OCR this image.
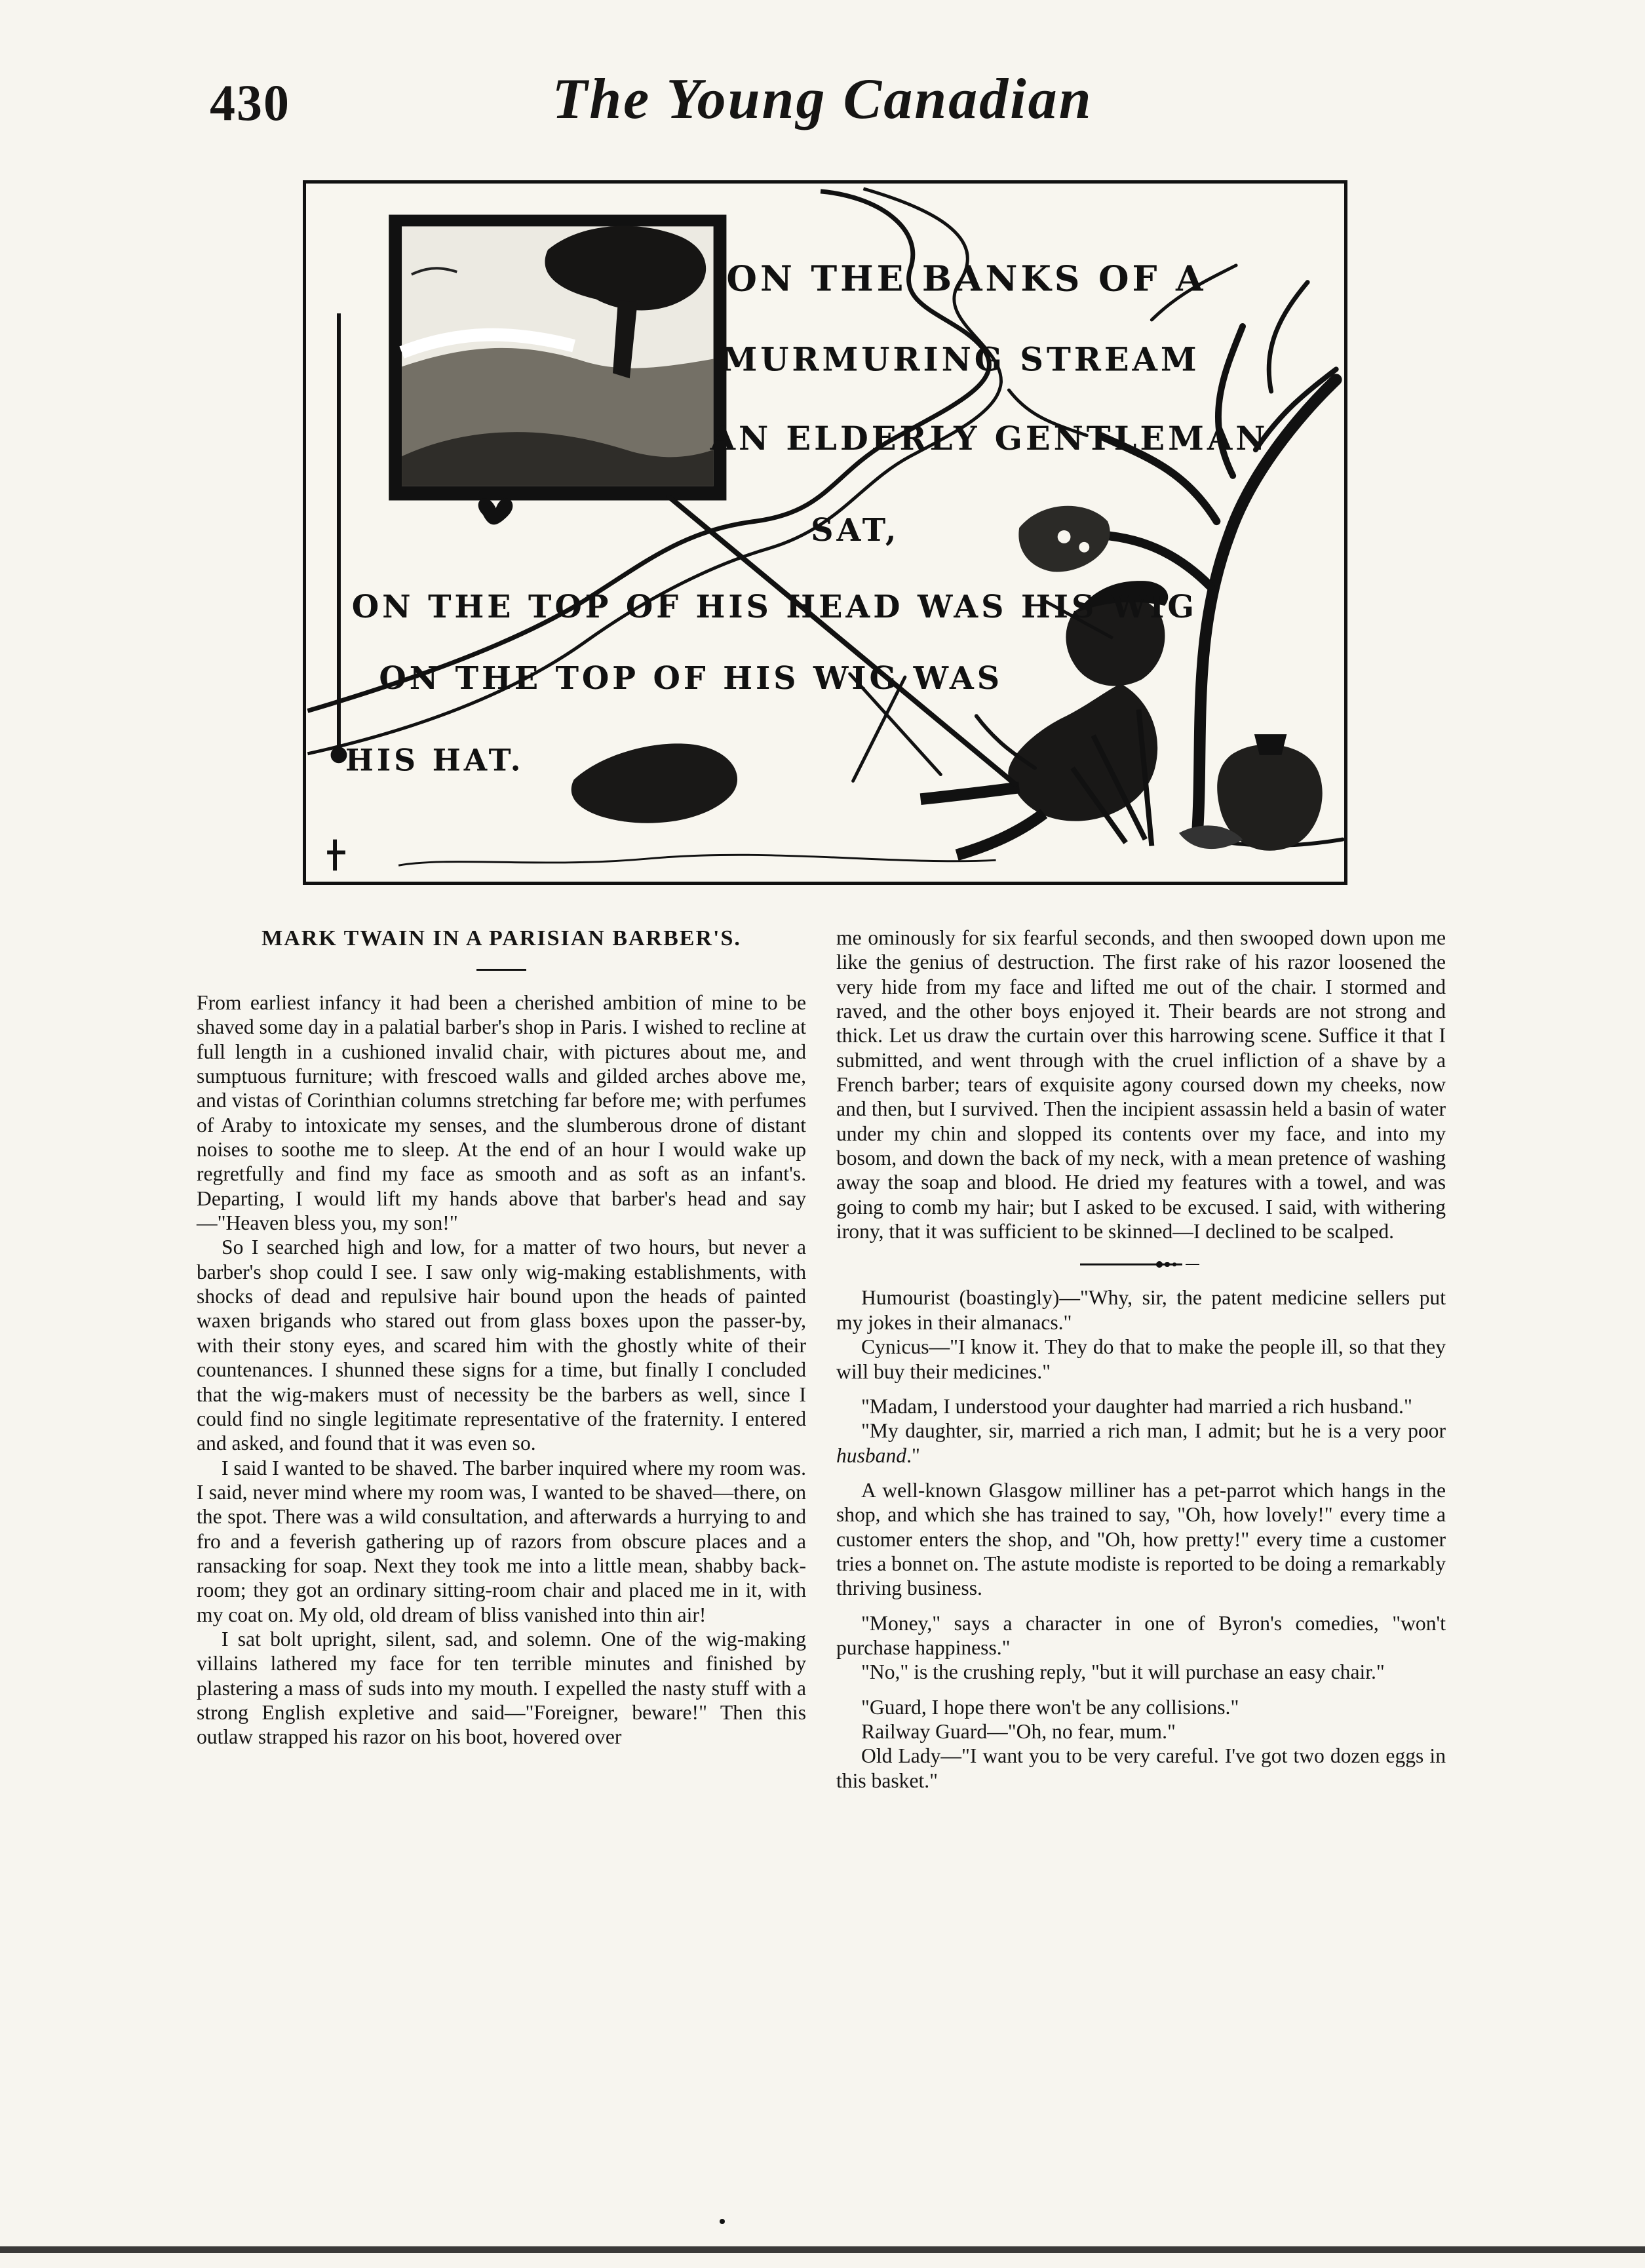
430	The Young Canadian
ON THE BANKS OF A
MURMURING STREAM
AN ELDERLY GENTLEMAN
SAT,
ON THE TOP OF HIS HEAD WAS HIS WIG
ON THE TOP OF HIS WIG WAS
HIS HAT.
MARK TWAIN IN A PARISIAN BARBER'S.

From earliest infancy it had been a cherished ambition of mine to be shaved some day in a palatial barber's shop in Paris. I wished to recline at full length in a cushioned invalid chair, with pictures about me, and sumptuous furniture; with frescoed walls and gilded arches above me, and vistas of Corinthian columns stretching far before me; with perfumes of Araby to intoxicate my senses, and the slumberous drone of distant noises to soothe me to sleep. At the end of an hour I would wake up regretfully and find my face as smooth and as soft as an infant's. Departing, I would lift my hands above that barber's head and say—"Heaven bless you, my son!"

So I searched high and low, for a matter of two hours, but never a barber's shop could I see. I saw only wig-making establishments, with shocks of dead and repulsive hair bound upon the heads of painted waxen brigands who stared out from glass boxes upon the passer-by, with their stony eyes, and scared him with the ghostly white of their countenances. I shunned these signs for a time, but finally I concluded that the wig-makers must of necessity be the barbers as well, since I could find no single legitimate representative of the fraternity. I entered and asked, and found that it was even so.

I said I wanted to be shaved. The barber inquired where my room was. I said, never mind where my room was, I wanted to be shaved—there, on the spot. There was a wild consultation, and afterwards a hurrying to and fro and a feverish gathering up of razors from obscure places and a ransacking for soap. Next they took me into a little mean, shabby back-room; they got an ordinary sitting-room chair and placed me in it, with my coat on. My old, old dream of bliss vanished into thin air!

I sat bolt upright, silent, sad, and solemn. One of the wig-making villains lathered my face for ten terrible minutes and finished by plastering a mass of suds into my mouth. I expelled the nasty stuff with a strong English expletive and said—"Foreigner, beware!" Then this outlaw strapped his razor on his boot, hovered over

me ominously for six fearful seconds, and then swooped down upon me like the genius of destruction. The first rake of his razor loosened the very hide from my face and lifted me out of the chair. I stormed and raved, and the other boys enjoyed it. Their beards are not strong and thick. Let us draw the curtain over this harrowing scene. Suffice it that I submitted, and went through with the cruel infliction of a shave by a French barber; tears of exquisite agony coursed down my cheeks, now and then, but I survived. Then the incipient assassin held a basin of water under my chin and slopped its contents over my face, and into my bosom, and down the back of my neck, with a mean pretence of washing away the soap and blood. He dried my features with a towel, and was going to comb my hair; but I asked to be excused. I said, with withering irony, that it was sufficient to be skinned—I declined to be scalped.

Humourist (boastingly)—"Why, sir, the patent medicine sellers put my jokes in their almanacs."

Cynicus—"I know it. They do that to make the people ill, so that they will buy their medicines."

"Madam, I understood your daughter had married a rich husband."

"My daughter, sir, married a rich man, I admit; but he is a very poor husband."

A well-known Glasgow milliner has a pet-parrot which hangs in the shop, and which she has trained to say, "Oh, how lovely!" every time a customer enters the shop, and "Oh, how pretty!" every time a customer tries a bonnet on. The astute modiste is reported to be doing a remarkably thriving business.

"Money," says a character in one of Byron's comedies, "won't purchase happiness."

"No," is the crushing reply, "but it will purchase an easy chair."

"Guard, I hope there won't be any collisions."

Railway Guard—"Oh, no fear, mum."

Old Lady—"I want you to be very careful. I've got two dozen eggs in this basket."
